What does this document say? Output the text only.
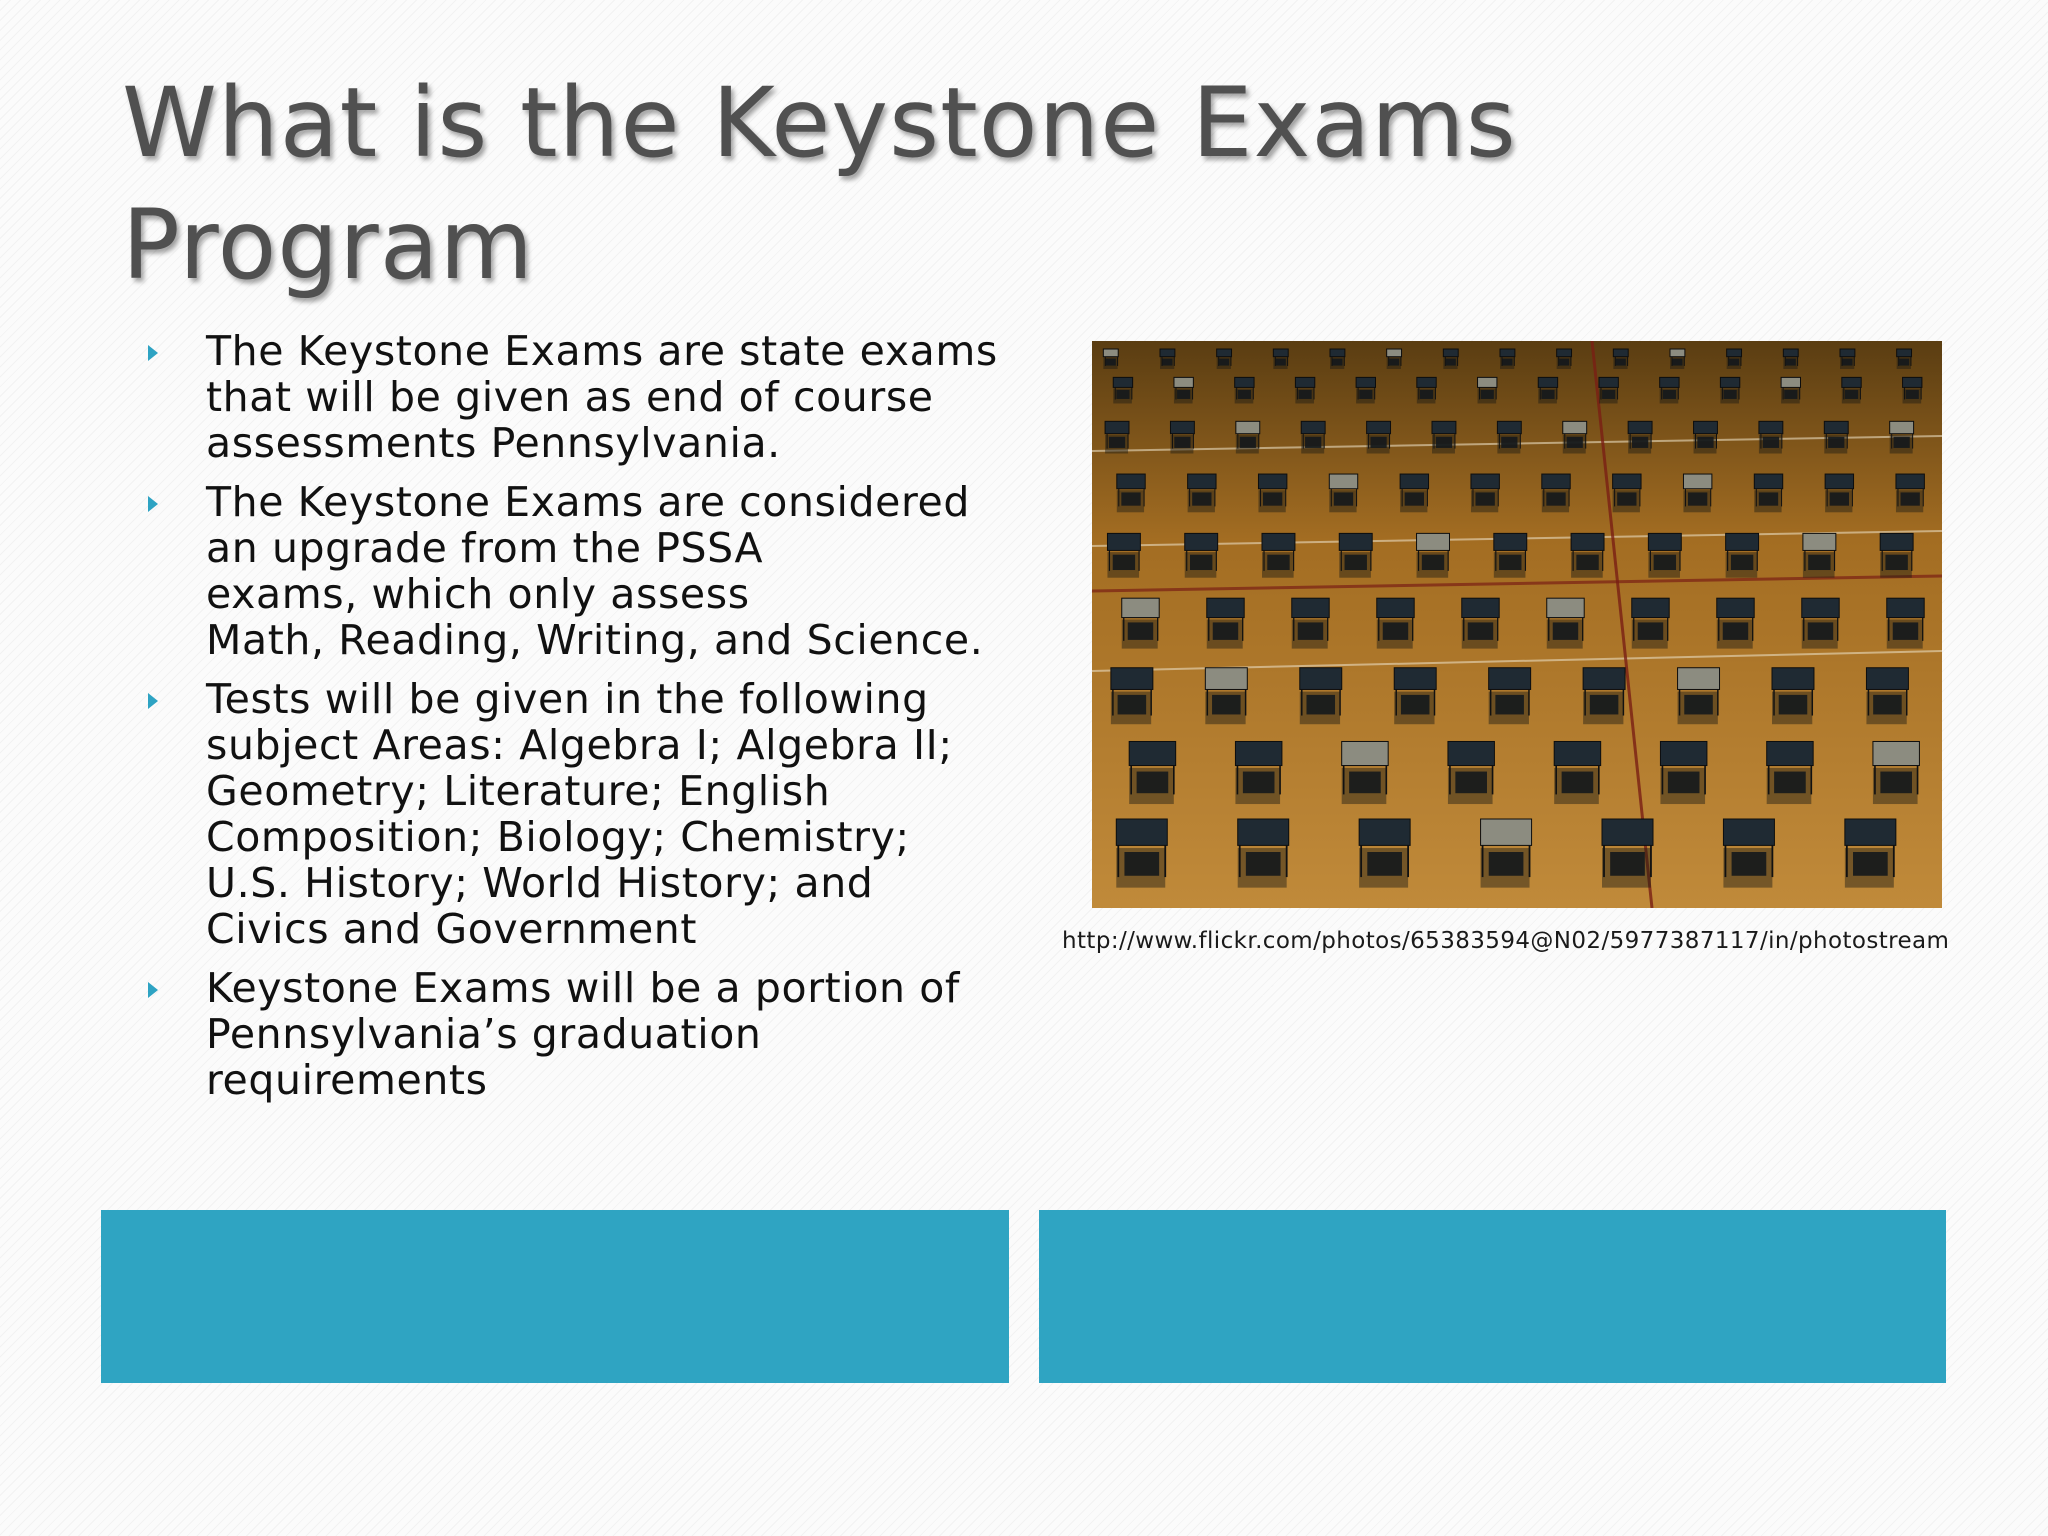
What is the Keystone Exams
Program
The Keystone Exams are state exams
that will be given as end of course
assessments Pennsylvania.
The Keystone Exams are considered
an upgrade from the PSSA
exams, which only assess
Math, Reading, Writing, and Science.
Tests will be given in the following
subject Areas: Algebra I; Algebra II;
Geometry; Literature; English
Composition; Biology; Chemistry;
U.S. History; World History; and
Civics and Government
Keystone Exams will be a portion of
Pennsylvania’s graduation
requirements
http://www.flickr.com/photos/65383594@N02/5977387117/in/photostream
